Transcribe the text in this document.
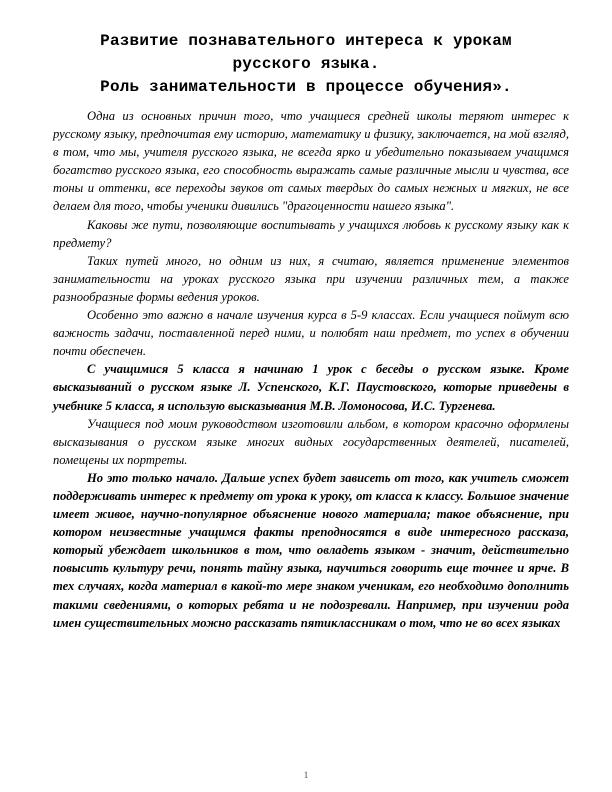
Развитие познавательного интереса к урокам
русского языка.
Роль занимательности в процессе обучения».

Одна из основных причин того, что учащиеся средней школы теряют интерес к русскому языку, предпочитая ему историю, математику и физику, заключается, на мой взгляд, в том, что мы, учителя русского языка, не всегда ярко и убедительно показываем учащимся богатство русского языка, его способность выражать самые различные мысли и чувства, все тоны и оттенки, все переходы звуков от самых твердых до самых нежных и мягких, не все делаем для того, чтобы ученики дивились "драгоценности нашего языка".

Каковы же пути, позволяющие воспитывать у учащихся любовь к русскому языку как к предмету?

Таких путей много, но одним из них, я считаю, является применение элементов занимательности на уроках русского языка при изучении различных тем, а также разнообразные формы ведения уроков.

Особенно это важно в начале изучения курса в 5-9 классах. Если учащиеся поймут всю важность задачи, поставленной перед ними, и полюбят наш предмет, то успех в обучении почти обеспечен.

С учащимися 5 класса я начинаю 1 урок с беседы о русском языке. Кроме высказываний о русском языке Л. Успенского, К.Г. Паустовского, которые приведены в учебнике 5 класса, я использую высказывания М.В. Ломоносова, И.С. Тургенева.

Учащиеся под моим руководством изготовили альбом, в котором красочно оформлены высказывания о русском языке многих видных государственных деятелей, писателей, помещены их портреты.

Но это только начало. Дальше успех будет зависеть от того, как учитель сможет поддерживать интерес к предмету от урока к уроку, от класса к классу. Большое значение имеет живое, научно-популярное объяснение нового материала; такое объяснение, при котором неизвестные учащимся факты преподносятся в виде интересного рассказа, который убеждает школьников в том, что овладеть языком - значит, действительно повысить культуру речи, понять тайну языка, научиться говорить еще точнее и ярче. В тех случаях, когда материал в какой-то мере знаком ученикам, его необходимо дополнить такими сведениями, о которых ребята и не подозревали. Например, при изучении рода имен существительных можно рассказать пятиклассникам о том, что не во всех языках

1
